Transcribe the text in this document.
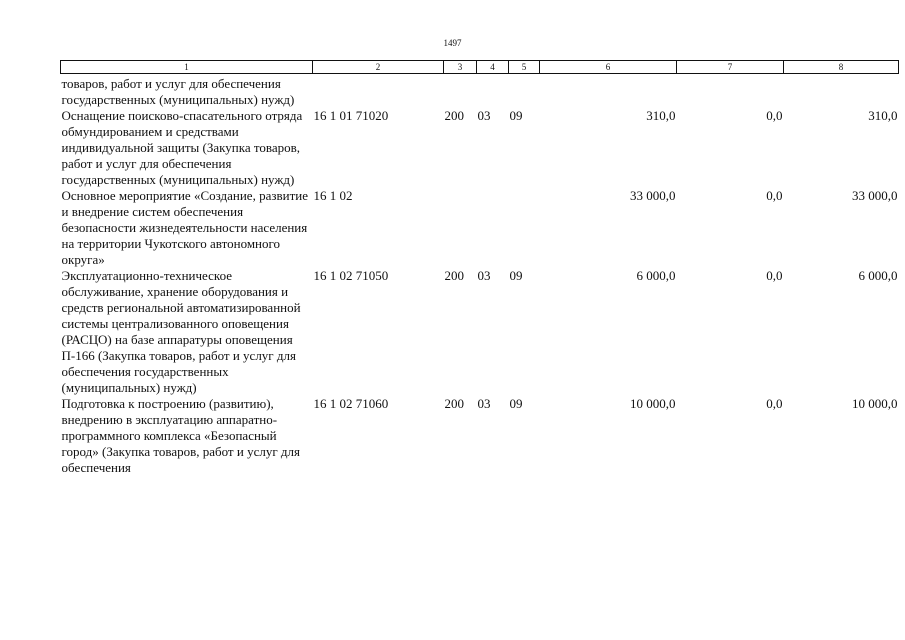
1497
1	2	3	4	5	6	7	8
товаров, работ и услуг для обеспечения государственных (муниципальных) нужд)							
Оснащение поисково-спасательного отряда обмундированием и средствами индивидуальной защиты (Закупка товаров, работ и услуг для обеспечения государственных (муниципальных) нужд)	16 1 01 71020	200	03	09	310,0	0,0	310,0
Основное мероприятие «Создание, развитие и внедрение систем обеспечения безопасности жизнедеятельности населения на территории Чукотского автономного округа»	16 1 02				33 000,0	0,0	33 000,0
Эксплуатационно-техническое обслуживание, хранение оборудования и средств региональной автоматизированной системы централизованного оповещения (РАСЦО) на базе аппаратуры оповещения П-166 (Закупка товаров, работ и услуг для обеспечения государственных (муниципальных) нужд)	16 1 02 71050	200	03	09	6 000,0	0,0	6 000,0
Подготовка к построению (развитию), внедрению в эксплуатацию аппаратно-программного комплекса «Безопасный город» (Закупка товаров, работ и услуг для обеспечения	16 1 02 71060	200	03	09	10 000,0	0,0	10 000,0
